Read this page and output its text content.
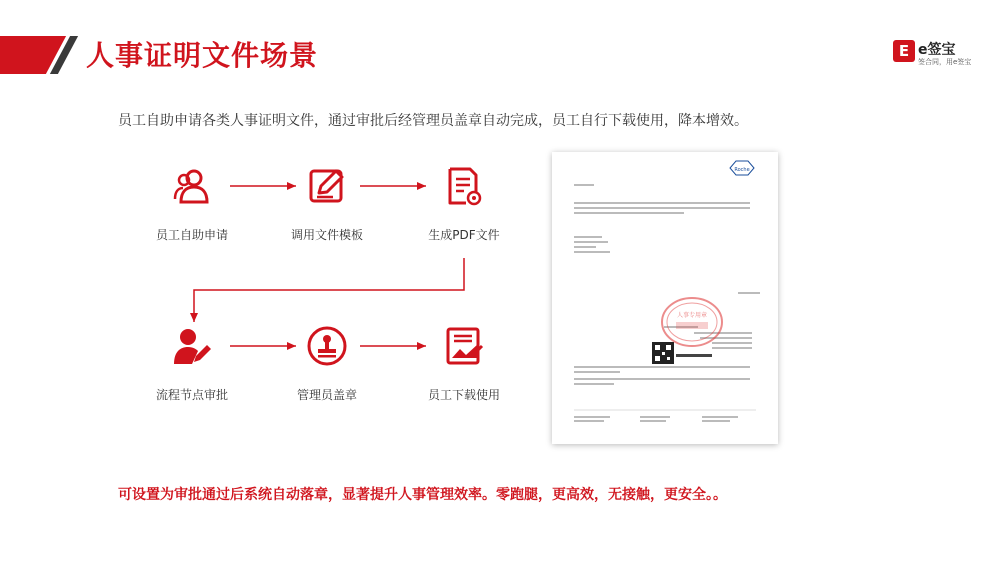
人事证明文件场景	E e签宝
签合同，用e签宝
员工自助申请各类人事证明文件，通过审批后经管理员盖章自动完成，员工自行下载使用，降本增效。
员工自助申请	调用文件模板	生成PDF文件
流程节点审批	管理员盖章	员工下载使用
Roche
人事专用章
可设置为审批通过后系统自动落章，显著提升人事管理效率。零跑腿，更高效，无接触，更安全。。
